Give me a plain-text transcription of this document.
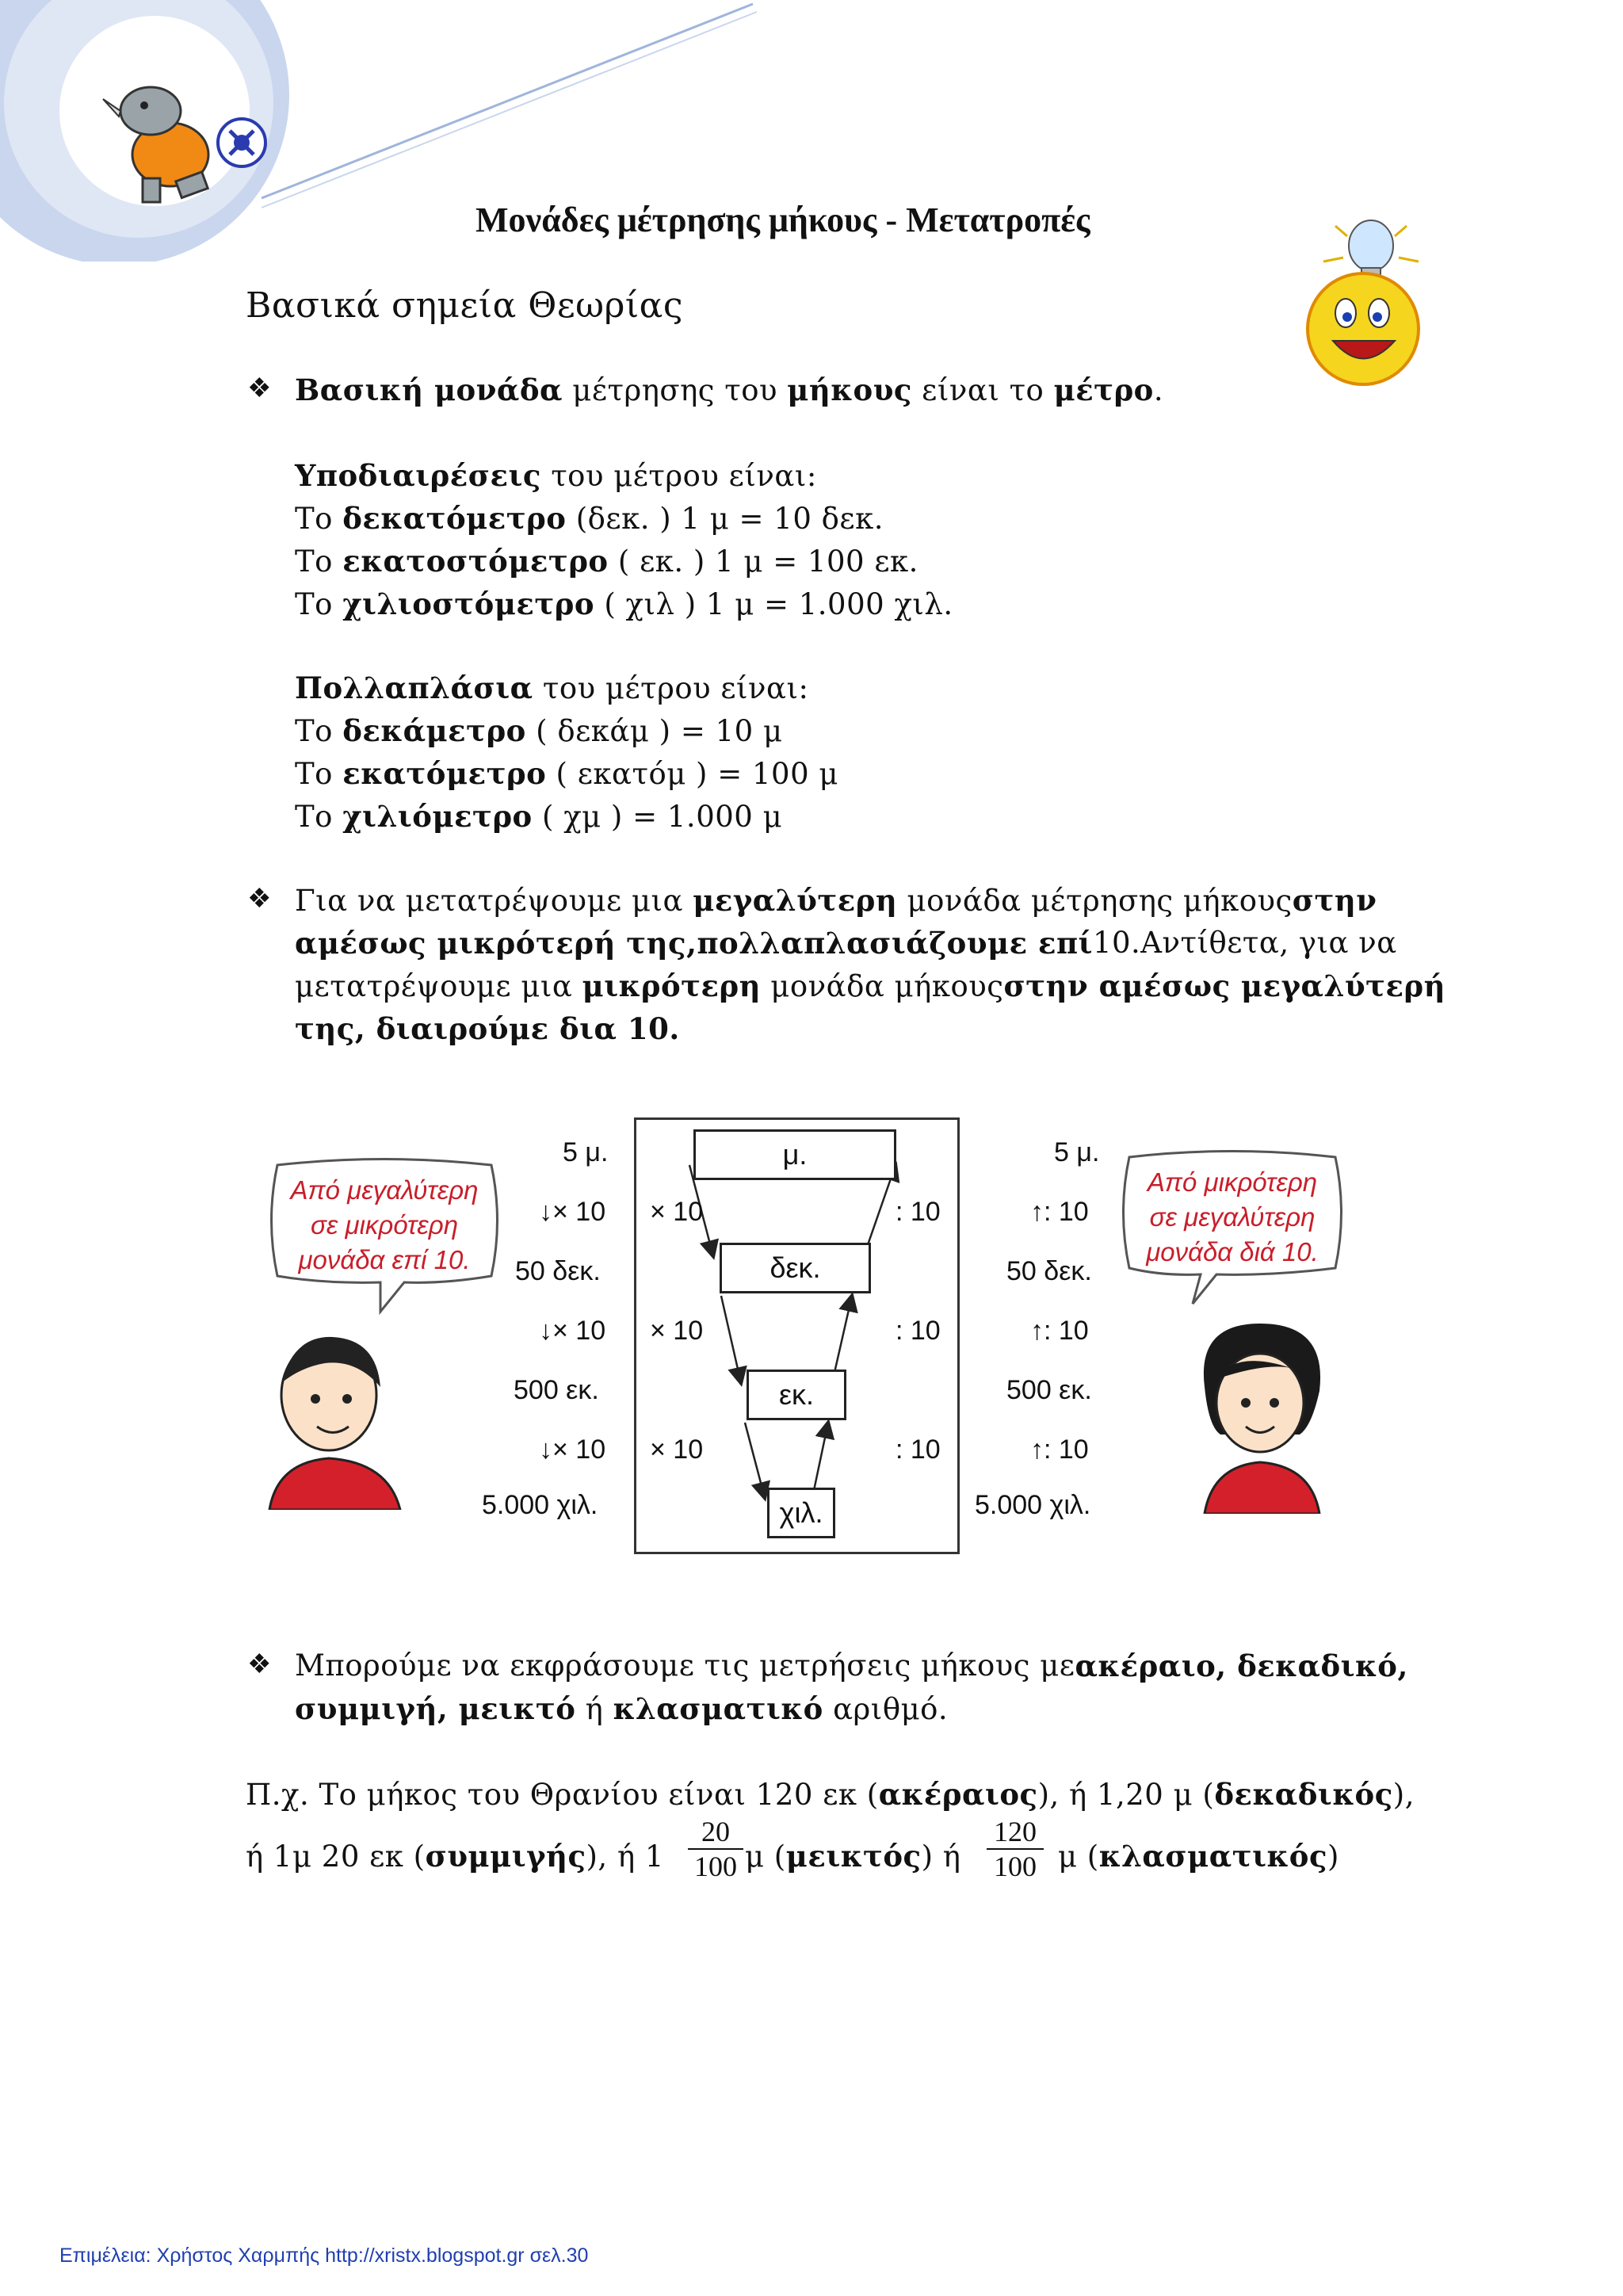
Μονάδες μέτρησης μήκους - Μετατροπές
Βασικά σημεία Θεωρίας
❖ Βασική μονάδα μέτρησης του μήκους είναι το μέτρο.
Υποδιαιρέσεις του μέτρου είναι:
Το δεκατόμετρο (δεκ. ) 1 μ = 10 δεκ.
Το εκατοστόμετρο ( εκ. ) 1 μ = 100 εκ.
Το χιλιοστόμετρο ( χιλ ) 1 μ = 1.000 χιλ.
Πολλαπλάσια του μέτρου είναι:
Το δεκάμετρο ( δεκάμ ) = 10 μ
Το εκατόμετρο ( εκατόμ ) = 100 μ
Το χιλιόμετρο ( χμ ) = 1.000 μ
❖ Για να μετατρέψουμε μια μεγαλύτερη μονάδα μέτρησης μήκους στην
αμέσως μικρότερή της, πολλαπλασιάζουμε επί 10. Αντίθετα, για να
μετατρέψουμε μια μικρότερη μονάδα μήκους στην αμέσως μεγαλύτερή
της, διαιρούμε δια 10.
μ.
δεκ.
εκ.
χιλ.
× 10
× 10
× 10
: 10
: 10
: 10
5 μ.
↓× 10
50 δεκ.
↓× 10
500 εκ.
↓× 10
5.000 χιλ.
5 μ.
↑: 10
50 δεκ.
↑: 10
500 εκ.
↑: 10
5.000 χιλ.
Από μεγαλύτερη
σε μικρότερη
μονάδα επί 10.
Από μικρότερη
σε μεγαλύτερη
μονάδα διά 10.
❖ Μπορούμε να εκφράσουμε τις μετρήσεις μήκους με ακέραιο, δεκαδικό,
συμμιγή, μεικτό ή κλασματικό αριθμό.
Π.χ. Το μήκος του Θρανίου είναι 120 εκ (ακέραιος), ή 1,20 μ (δεκαδικός),
ή 1μ 20 εκ (συμμιγής), ή $1 \frac{20}{100}$ μ (μεικτός) ή $\frac{120}{100}$ μ (κλασματικός)
Επιμέλεια: Χρήστος Χαρμπής http://xristx.blogspot.gr σελ.30
